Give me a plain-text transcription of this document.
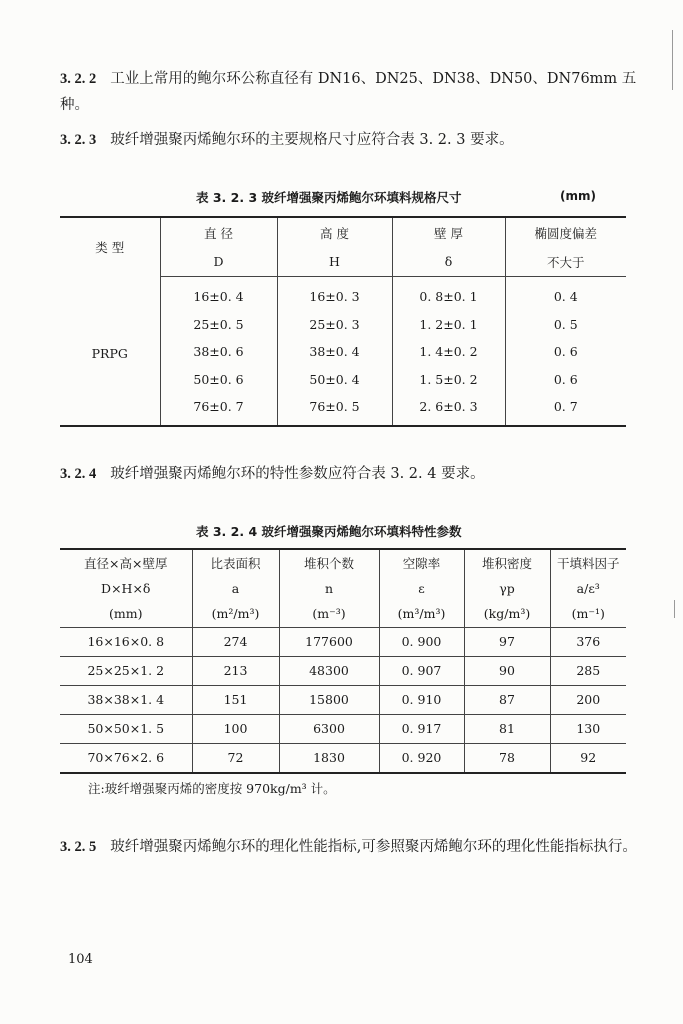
3. 2. 2 工业上常用的鲍尔环公称直径有 DN16、DN25、DN38、DN50、DN76mm 五种。

3. 2. 3 玻纤增强聚丙烯鲍尔环的主要规格尺寸应符合表 3. 2. 3 要求。

表 3. 2. 3 玻纤增强聚丙烯鲍尔环填料规格尺寸	(mm)
类 型	直 径	高 度	壁 厚	椭圆度偏差
	D	H	δ	不大于
PRPG	16±0. 4	16±0. 3	0. 8±0. 1	0. 4
	25±0. 5	25±0. 3	1. 2±0. 1	0. 5
	38±0. 6	38±0. 4	1. 4±0. 2	0. 6
	50±0. 6	50±0. 4	1. 5±0. 2	0. 6
	76±0. 7	76±0. 5	2. 6±0. 3	0. 7

3. 2. 4 玻纤增强聚丙烯鲍尔环的特性参数应符合表 3. 2. 4 要求。

表 3. 2. 4 玻纤增强聚丙烯鲍尔环填料特性参数
直径×高×壁厚	比表面积	堆积个数	空隙率	堆积密度	干填料因子
D×H×δ	a	n	ε	γp	a/ε³
(mm)	(m²/m³)	(m⁻³)	(m³/m³)	(kg/m³)	(m⁻¹)
16×16×0. 8	274	177600	0. 900	97	376
25×25×1. 2	213	48300	0. 907	90	285
38×38×1. 4	151	15800	0. 910	87	200
50×50×1. 5	100	6300	0. 917	81	130
70×76×2. 6	72	1830	0. 920	78	92
注:玻纤增强聚丙烯的密度按 970kg/m³ 计。

3. 2. 5 玻纤增强聚丙烯鲍尔环的理化性能指标,可参照聚丙烯鲍尔环的理化性能指标执行。

104
